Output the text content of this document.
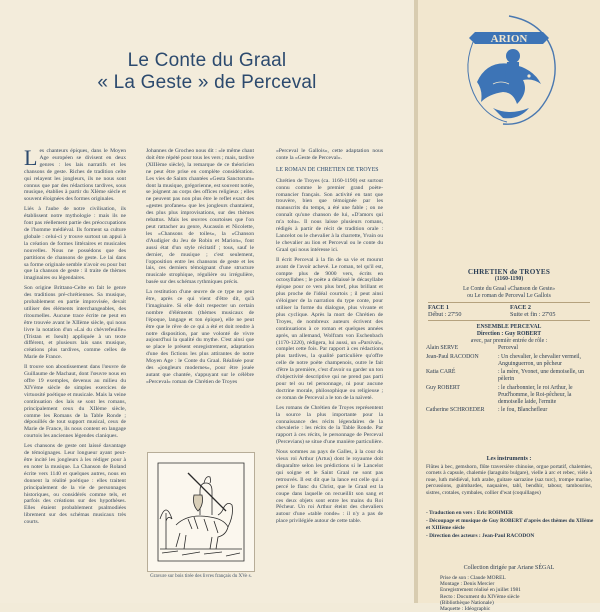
Le Conte du Graal
« La Geste » de Perceval

Les chanteurs épiques, dans le Moyen Age européen se divisent en deux genres : les lais narratifs et les chansons de geste. Riches de tradition celte qui relayent les jongleurs, ils ne nous sont connus que par des rédactions tardives, sous musique, établies à partir du XIème siècle et souvent éloignées des formes originales.

Liés à l'aube de notre civilisation, ils établissent notre mythologie : mais ils ne font pas réellement partie des préoccupations de l'homme médiéval. Ils forment sa culture globale : celui-ci y trouve surtout un appui à la création de formes littéraires et musicales nouvelles. Nous ne possédons que des partitions de chansons de geste. Le lai dans sa forme originale semble n'avoir eu pour but que la chanson de geste : il traite de thèmes imaginaires ou légendaires.

Son origine Brittano-Celte en fait le genre des traditions pré-chrétiennes. Sa musique, probablement en partie improvisée, devait utiliser des éléments interchangeables, des ritournelles. Aucune trace écrite ne peut en être trouvée avant le XIIème siècle, qui nous livre la notation d'un «Lai du chèvrefeuille» (Tristan et Iseult) appliquée à un texte différent, et plusieurs lais sans musique, créations plus tardives, comme celles de Marie de France.

Il trouve son aboutissement dans l'œuvre de Guillaume de Machaut, dont l'œuvre nous en offre 19 exemples, devenus au milieu du XIVème siècle de simples exercices de virtuosité poétique et musicale. Mais la veine continuation des lais se sont les romans, principalement ceux du XIIème siècle, comme les Romans de la Table Ronde ; dépouillés de tout support musical, ceux de Marie de France, ils nous content en langage courtois les anciennes légendes claniques.

Les chansons de geste ont laissé davantage de témoignages. Leur longueur ayant peut-être incité les jongleurs à les rédiger pour à en noter la musique. La Chanson de Roland écrite vers 1140 et quelques autres, nous en donnent la réalité poétique : elles traitent principalement de la vie de personnages historiques, ou considérés comme tels, et parfois des créations sur des hypothèses. Elles étaient probablement psalmodiées librement sur des schémas musicaux très courts.

Johannes de Grocheo nous dit : «le même chant doit être répété pour tous les vers ; mais, tardive (XIIIème siècle), la remarque de ce théoricien ne peut être prise en complète considération. Les vies de Saints chantées «Gesta Sanctorum» dont la musique, grégorienne, est souvent notée, se joignent au corps des offices religieux ; elles ne peuvent pas non plus être le reflet exact des «gestes profanes» que les jongleurs chantaient, des plus plus improvisations, sur des thèmes rebattus. Mais les œuvres courtoises que l'on peut rattacher au genre, Aucassin et Nicolette, les «Chansons de toiles», la «Chanson d'Audigier du Jeu de Robin et Marion», font aussi état d'un style récitatif ; tous, sauf le dernier, de musique ; c'est seulement, l'opposition entre les chansons de geste et les lais, ces derniers témoignant d'une structure musicale strophique, régulière ou irrégulière, basée sur des schémas rythmiques précis.

La restitution d'une œuvre de ce type ne peut être, après ce qui vient d'être dit, qu'à l'imaginaire. Si elle doit respecter un certain nombre d'éléments (thèmes musicaux de l'époque, langage et ton épique), elle ne peut être que le rêve de ce qui a été et doit rendre à notre disposition, par une volonté de vivre aujourd'hui la qualité du mythe. C'est ainsi que se place le présent enregistrement, adaptation d'une des fictions les plus attirantes de notre Moyen Age : le Conte du Graal. Réalisée pour des «jongleurs modernes», pour être jouée autant que chantée, s'appuyant sur le célèbre «Perceval» roman de Chrétien de Troyes

Gravure sur bois tirée des livres français du XVe s.

«Perceval le Gallois», cette adaptation nous conte la «Geste de Perceval».

LE ROMAN DE CHRETIEN DE TROYES

Chrétien de Troyes (ca. 1160-1190) est surtout connu comme le premier grand poète-romancier français. Son activité en tant que trouvère, bien que témoignée par les manuscrits du temps, a été une fable ; on ne connaît qu'une chanson de lui, «D'amors qui m'a tolu». Il nous laisse plusieurs romans, rédigés à partir de récit de tradition orale : Lancelot ou le chevalier à la charrette, Yvain ou le chevalier au lion et Perceval ou le conte du Graal qui nous intéresse ici.

Il écrit Perceval à la fin de sa vie et mourut avant de l'avoir achevé. Le roman, tel qu'il est, compte plus de 9000 vers, écrits en octosyllabes ; le poète a délaissé le décasyllabe épique pour ce vers plus bref, plus brillant et plus proche de l'idéal courtois ; il peut ainsi s'éloigner de la narration du type conte, pour utiliser la forme du dialogue, plus vivante et plus cyclique. Après la mort de Chrétien de Troyes, de nombreux auteurs écrivent des continuations à ce roman et quelques années après, un allemand, Wolfram von Eschenbach (1170-1220), rédigera, lui aussi, un «Parsival», complet cette fois. Par rapport à ces rédactions plus tardives, la qualité particulière qu'offre celle de notre poète champenois, outre le fait d'être la première, c'est d'avoir su garder un ton d'objectivité descriptive qui ne prend pas parti pour tel ou tel personnage, ni pour aucune doctrine morale, philosophique ou religieuse ; ce roman de Perceval a le ton de la naïveté.

Les romans de Chrétien de Troyes représentent la source la plus importante pour la connaissance des récits légendaires de la chevalerie : les récits de la Table Ronde. Par rapport à ces récits, le personnage de Perceval (Percevians) se situe d'une manière particulière.

Nous sommes au pays de Galles, à la cour du vieux roi Arthur (Artus) dont le royaume doit disparaître selon les prédictions si le Lancelot qui soigne et le Saint Graal ne sont pas retrouvés. Il est dit que la lance est celle qui a percé le flanc du Christ, que le Graal est la coupe dans laquelle on recueillit son sang et ces deux objets sont entre les mains du Roi Pêcheur. Un roi Arthur éteint des chevaliers autour d'une «table ronde» : il n'y a pas de place privilégiée autour de cette table.

ARION
CHRETIEN de TROYES
(1160-1190)
Le Conte du Graal «Chanson de Geste»
ou Le roman de Perceval Le Gallois
FACE 1	FACE 2
Début : 27'50	Suite et fin : 27'05
ENSEMBLE PERCEVAL
Direction : Guy ROBERT
avec, par premièr entrée de rôle :
Alain SERVE	Perceval
Jean-Paul RACODON	: Un chevalier, le chevalier vermeil, Anguinguerron, un pêcheur
Katia CARÉ	: la mère, Yvonet, une demoiselle, un pèlerin
Guy ROBERT	: le charbonnier, le roi Arthur, le Prud'homme, le Roi-pêcheur, la demoiselle laide, l'ermite
Catherine SCHROEDER	: le fou, Blanchefleur
Les instruments :
Flûtes à bec, gemshorn, flûte traversière chinoise, orgue portatif, chalemies, cornets à capsule, chalemie (laraguito bulgare), vielle à arc et rebec, vièle à roue, luth médiéval, luth arabe, guitare sarrazine (saz turc), trompe marine, percussions, guimbardes, naquaires, tabl, bendhir, tabour, tambourins, sistres, crotales, cymbales, collier d'wat (coquillages)

- Traduction en vers : Eric ROHMER

- Découpage et musique de Guy ROBERT d'après des thèmes du XIIème et XIIIème siècle

- Direction des acteurs : Jean-Paul RACODON

Collection dirigée par Ariane SÉGAL

Prise de son : Claude MOREL

Montage : Denis Mercier

Enregistrement réalisé en juillet 1981

Recto : Document du XIVème siècle

(Bibliothèque Nationale)

Maquette : Idéographic
